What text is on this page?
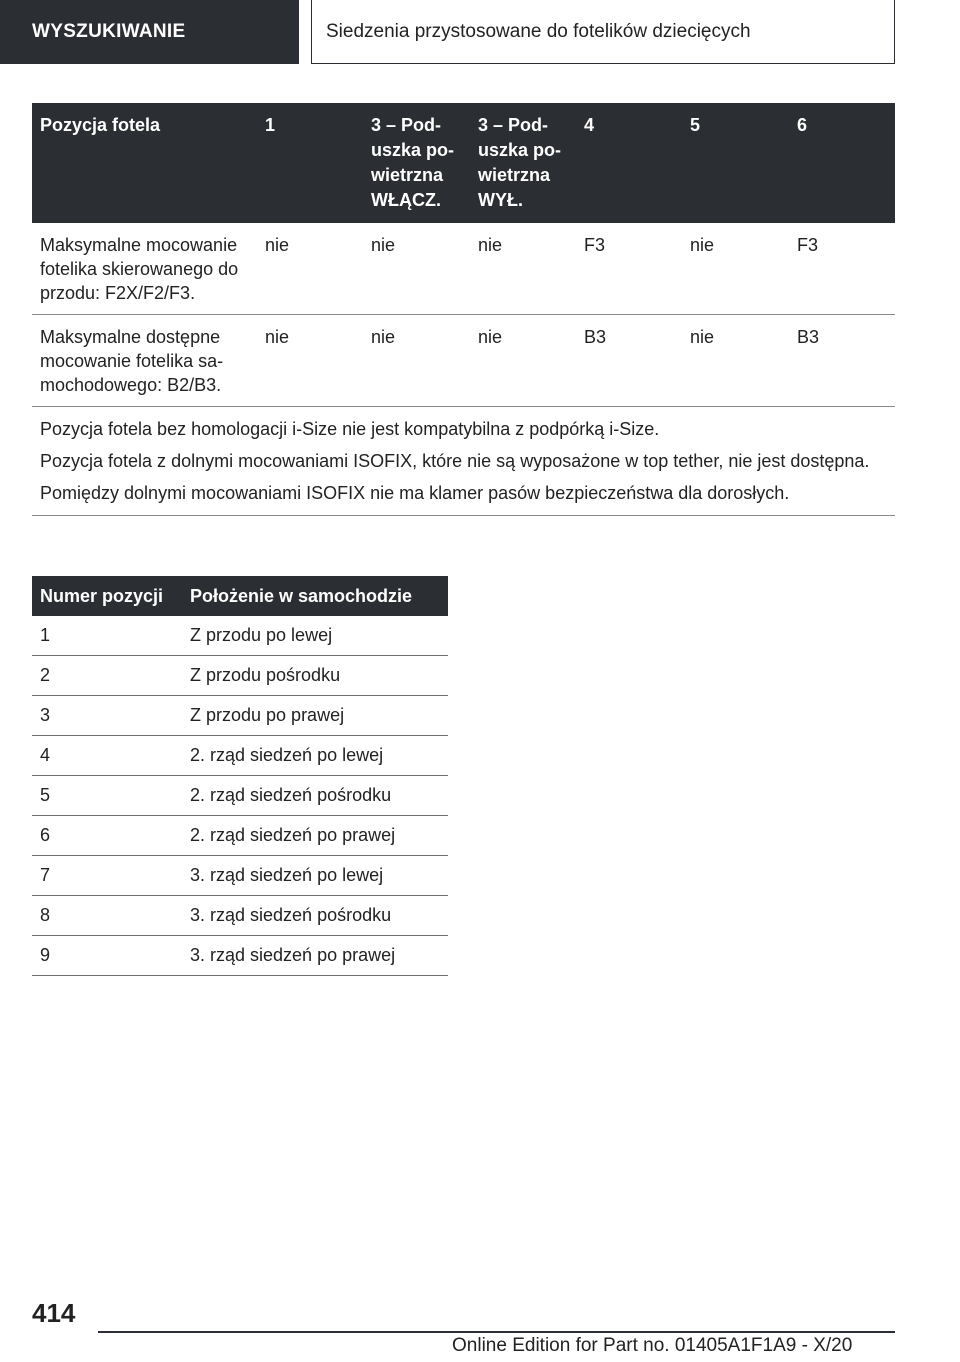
WYSZUKIWANIE	Siedzenia przystosowane do fotelików dziecięcych
Pozycja fotela	1	3 – Poduszka powietrzna WŁĄCZ.	3 – Poduszka powietrzna WYŁ.	4	5	6
Maksymalne mocowanie fotelika skierowanego do przodu: F2X/F2/F3.	nie	nie	nie	F3	nie	F3
Maksymalne dostępne mocowanie fotelika samochodowego: B2/B3.	nie	nie	nie	B3	nie	B3

Pozycja fotela bez homologacji i-Size nie jest kompatybilna z podpórką i-Size.

Pozycja fotela z dolnymi mocowaniami ISOFIX, które nie są wyposażone w top tether, nie jest dostępna.

Pomiędzy dolnymi mocowaniami ISOFIX nie ma klamer pasów bezpieczeństwa dla dorosłych.						

Numer pozycji	Położenie w samochodzie
1	Z przodu po lewej
2	Z przodu pośrodku
3	Z przodu po prawej
4	2. rząd siedzeń po lewej
5	2. rząd siedzeń pośrodku
6	2. rząd siedzeń po prawej
7	3. rząd siedzeń po lewej
8	3. rząd siedzeń pośrodku
9	3. rząd siedzeń po prawej
414
Online Edition for Part no. 01405A1F1A9 - X/20
